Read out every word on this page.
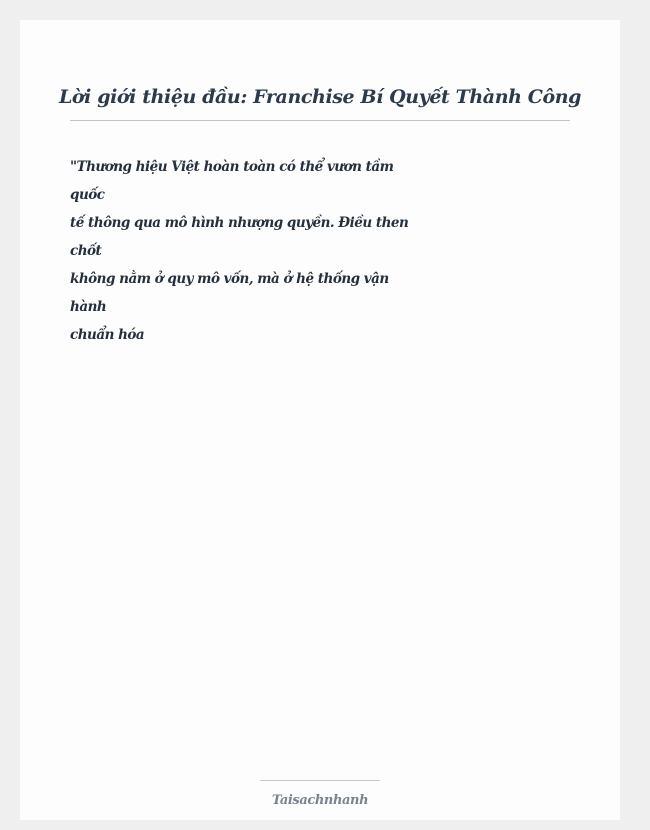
Lời giới thiệu đầu: Franchise Bí Quyết Thành Công
"Thương hiệu Việt hoàn toàn có thể vươn tầm
quốc
tế thông qua mô hình nhượng quyền. Điều then
chốt
không nằm ở quy mô vốn, mà ở hệ thống vận
hành
chuẩn hóa
Taisachnhanh
